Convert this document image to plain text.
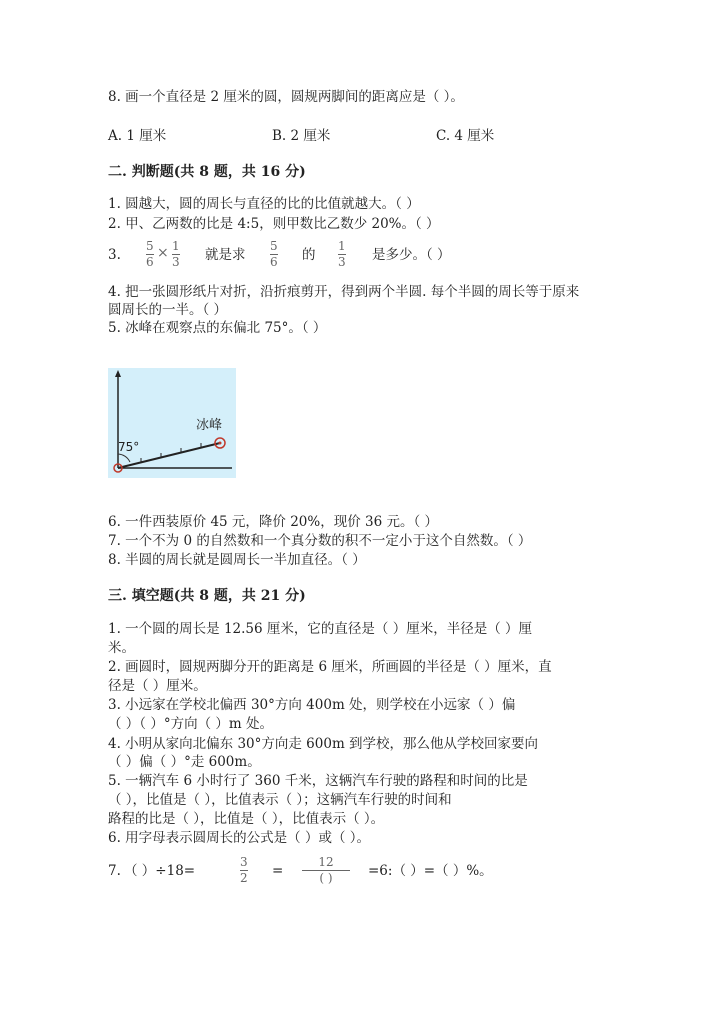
8. 画一个直径是 2 厘米的圆，圆规两脚间的距离应是（ ）。
A. 1 厘米	B. 2 厘米	C. 4 厘米
二. 判断题(共 8 题，共 16 分)
1. 圆越大，圆的周长与直径的比的比值就越大。（ ）
2. 甲、乙两数的比是 4:5，则甲数比乙数少 20%。（ ）
3.
5
6
× 1
3 就是求
5
6 的
1
3 是多少。（ ）
4. 把一张圆形纸片对折，沿折痕剪开，得到两个半圆. 每个半圆的周长等于原来
圆周长的一半。（ ）
5. 冰峰在观察点的东偏北 75°。（ ）
冰峰
75°
6. 一件西装原价 45 元，降价 20%，现价 36 元。（ ）
7. 一个不为 0 的自然数和一个真分数的积不一定小于这个自然数。（ ）
8. 半圆的周长就是圆周长一半加直径。（ ）
三. 填空题(共 8 题，共 21 分)
1. 一个圆的周长是 12.56 厘米，它的直径是（ ）厘米，半径是（ ）厘
米。
2. 画圆时，圆规两脚分开的距离是 6 厘米，所画圆的半径是（ ）厘米，直
径是（ ）厘米。
3. 小远家在学校北偏西 30°方向 400m 处，则学校在小远家（ ）偏
（ ）（ ）°方向（ ）m 处。
4. 小明从家向北偏东 30°方向走 600m 到学校，那么他从学校回家要向
（ ）偏（ ）°走 600m。
5. 一辆汽车 6 小时行了 360 千米，这辆汽车行驶的路程和时间的比是
（ ），比值是（ ），比值表示（ ）；这辆汽车行驶的时间和
路程的比是（ ），比值是（ ），比值表示（ ）。
6. 用字母表示圆周长的公式是（ ）或（ ）。
7. （ ）÷18=
3
2 =
12
( )	=6:（ ）=（ ）%。
